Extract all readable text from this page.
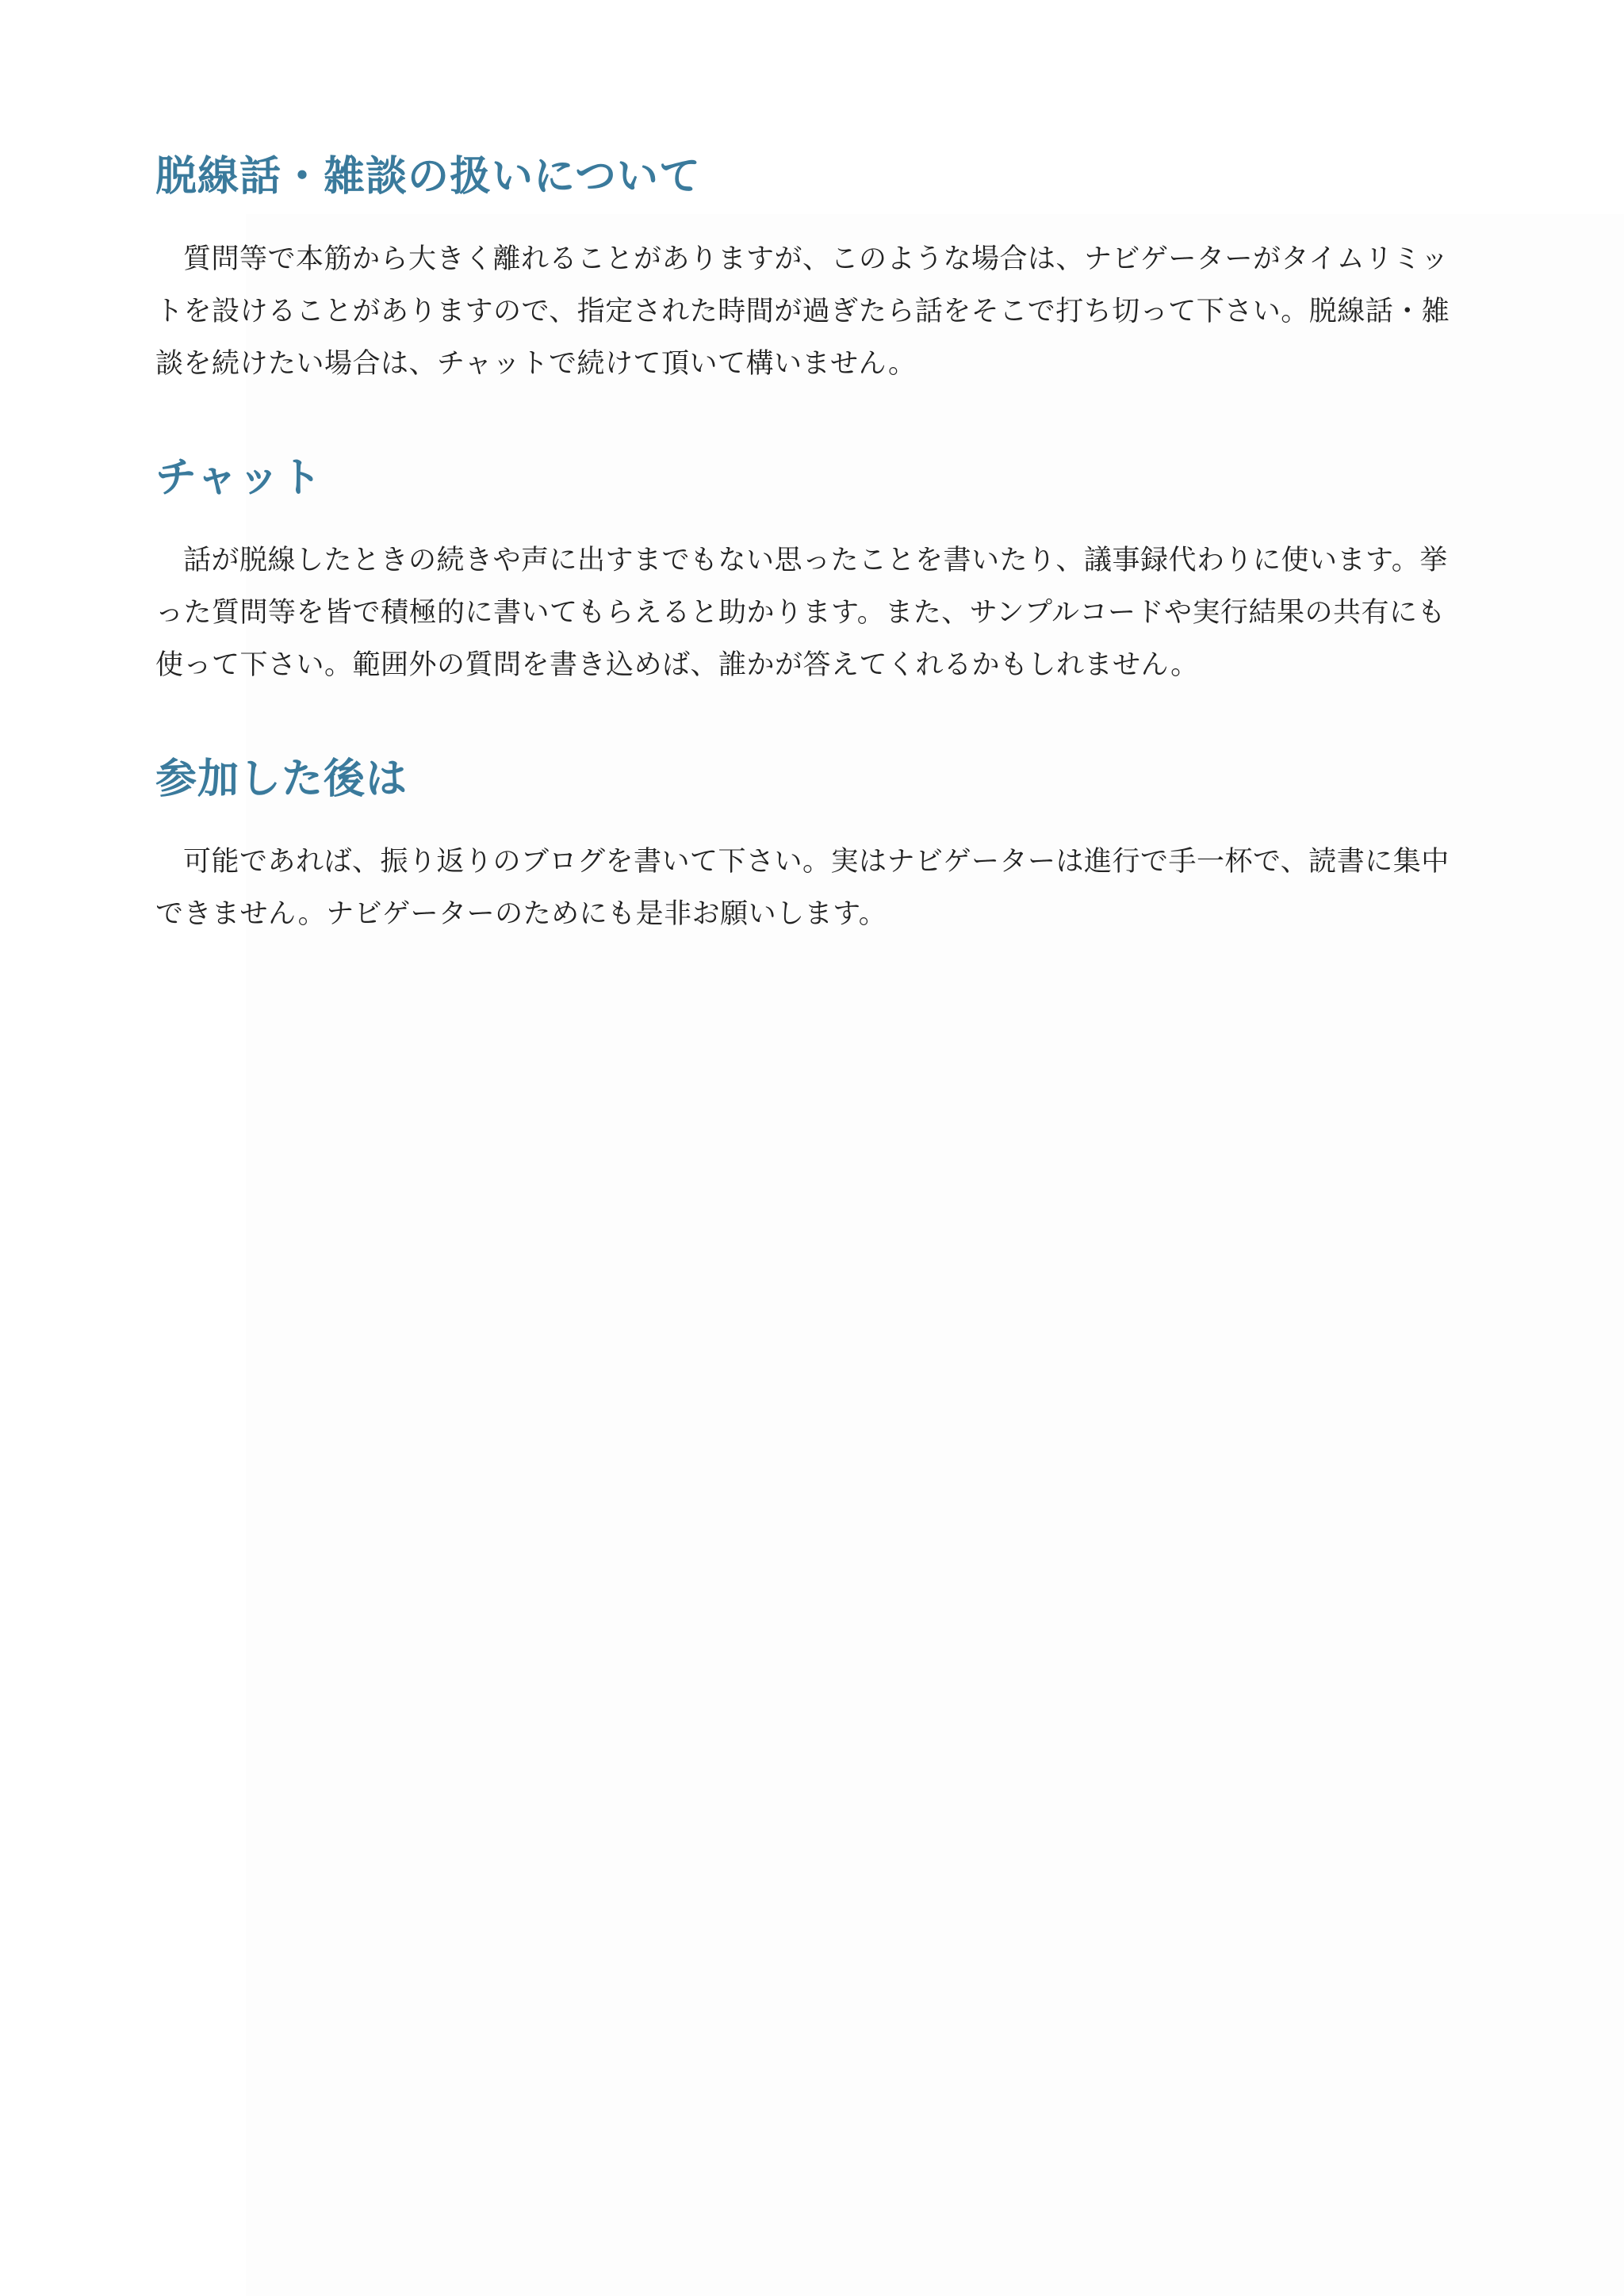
脱線話・雑談の扱いについて

質問等で本筋から大きく離れることがありますが、このような場合は、ナビゲーターがタイムリミットを設けることがありますので、指定された時間が過ぎたら話をそこで打ち切って下さい。脱線話・雑談を続けたい場合は、チャットで続けて頂いて構いません。

チャット

話が脱線したときの続きや声に出すまでもない思ったことを書いたり、議事録代わりに使います。挙った質問等を皆で積極的に書いてもらえると助かります。また、サンプルコードや実行結果の共有にも使って下さい。範囲外の質問を書き込めば、誰かが答えてくれるかもしれません。

参加した後は

可能であれば、振り返りのブログを書いて下さい。実はナビゲーターは進行で手一杯で、読書に集中できません。ナビゲーターのためにも是非お願いします。
